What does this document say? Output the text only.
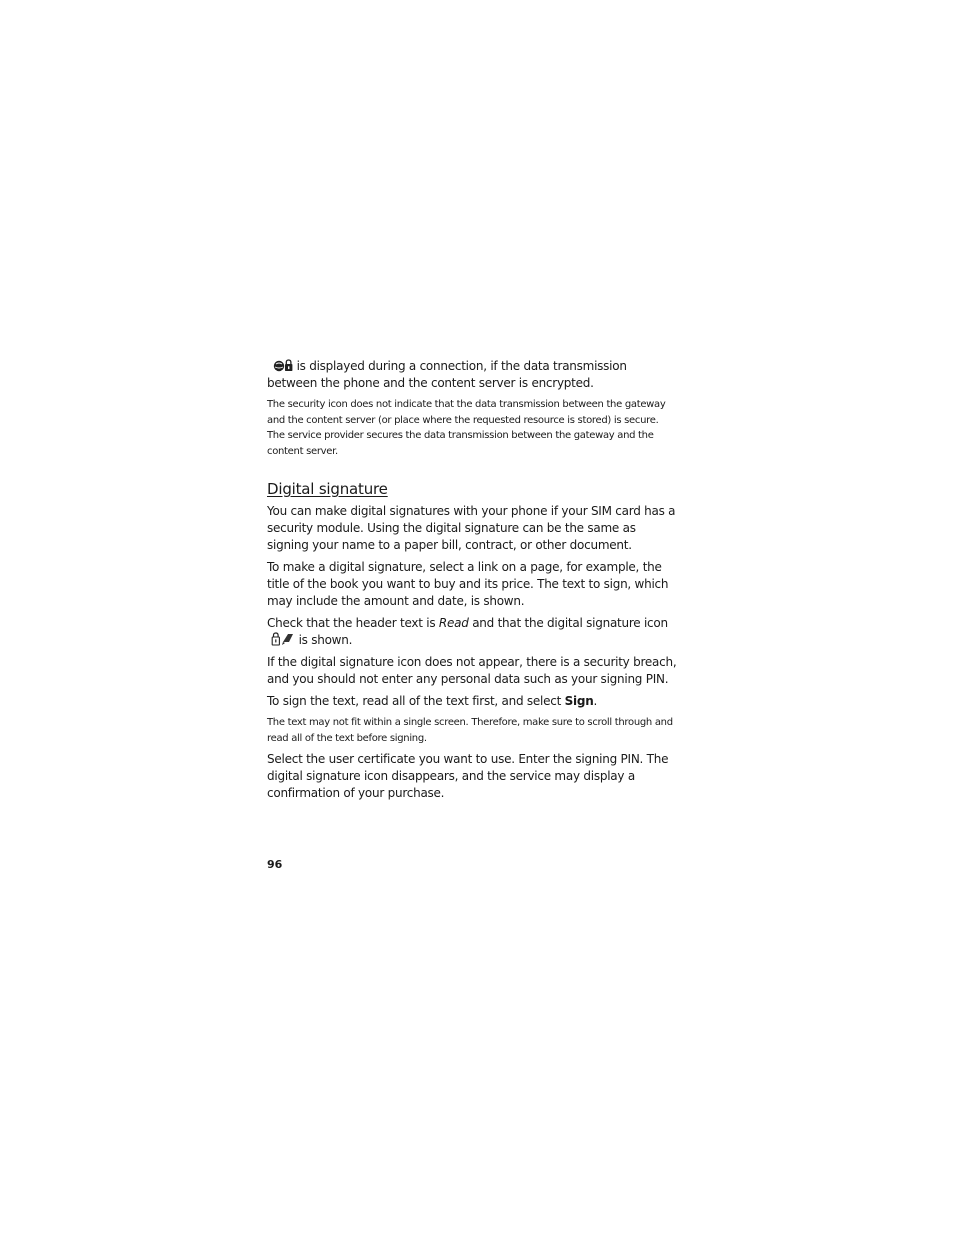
is displayed during a connection, if the data transmission between the phone and the content server is encrypted.

The security icon does not indicate that the data transmission between the gateway and the content server (or place where the requested resource is stored) is secure. The service provider secures the data transmission between the gateway and the content server.

Digital signature

You can make digital signatures with your phone if your SIM card has a security module. Using the digital signature can be the same as signing your name to a paper bill, contract, or other document.

To make a digital signature, select a link on a page, for example, the title of the book you want to buy and its price. The text to sign, which may include the amount and date, is shown.

Check that the header text is Read and that the digital signature icon
is shown.

If the digital signature icon does not appear, there is a security breach, and you should not enter any personal data such as your signing PIN.

To sign the text, read all of the text first, and select Sign.

The text may not fit within a single screen. Therefore, make sure to scroll through and read all of the text before signing.

Select the user certificate you want to use. Enter the signing PIN. The digital signature icon disappears, and the service may display a confirmation of your purchase.

96
